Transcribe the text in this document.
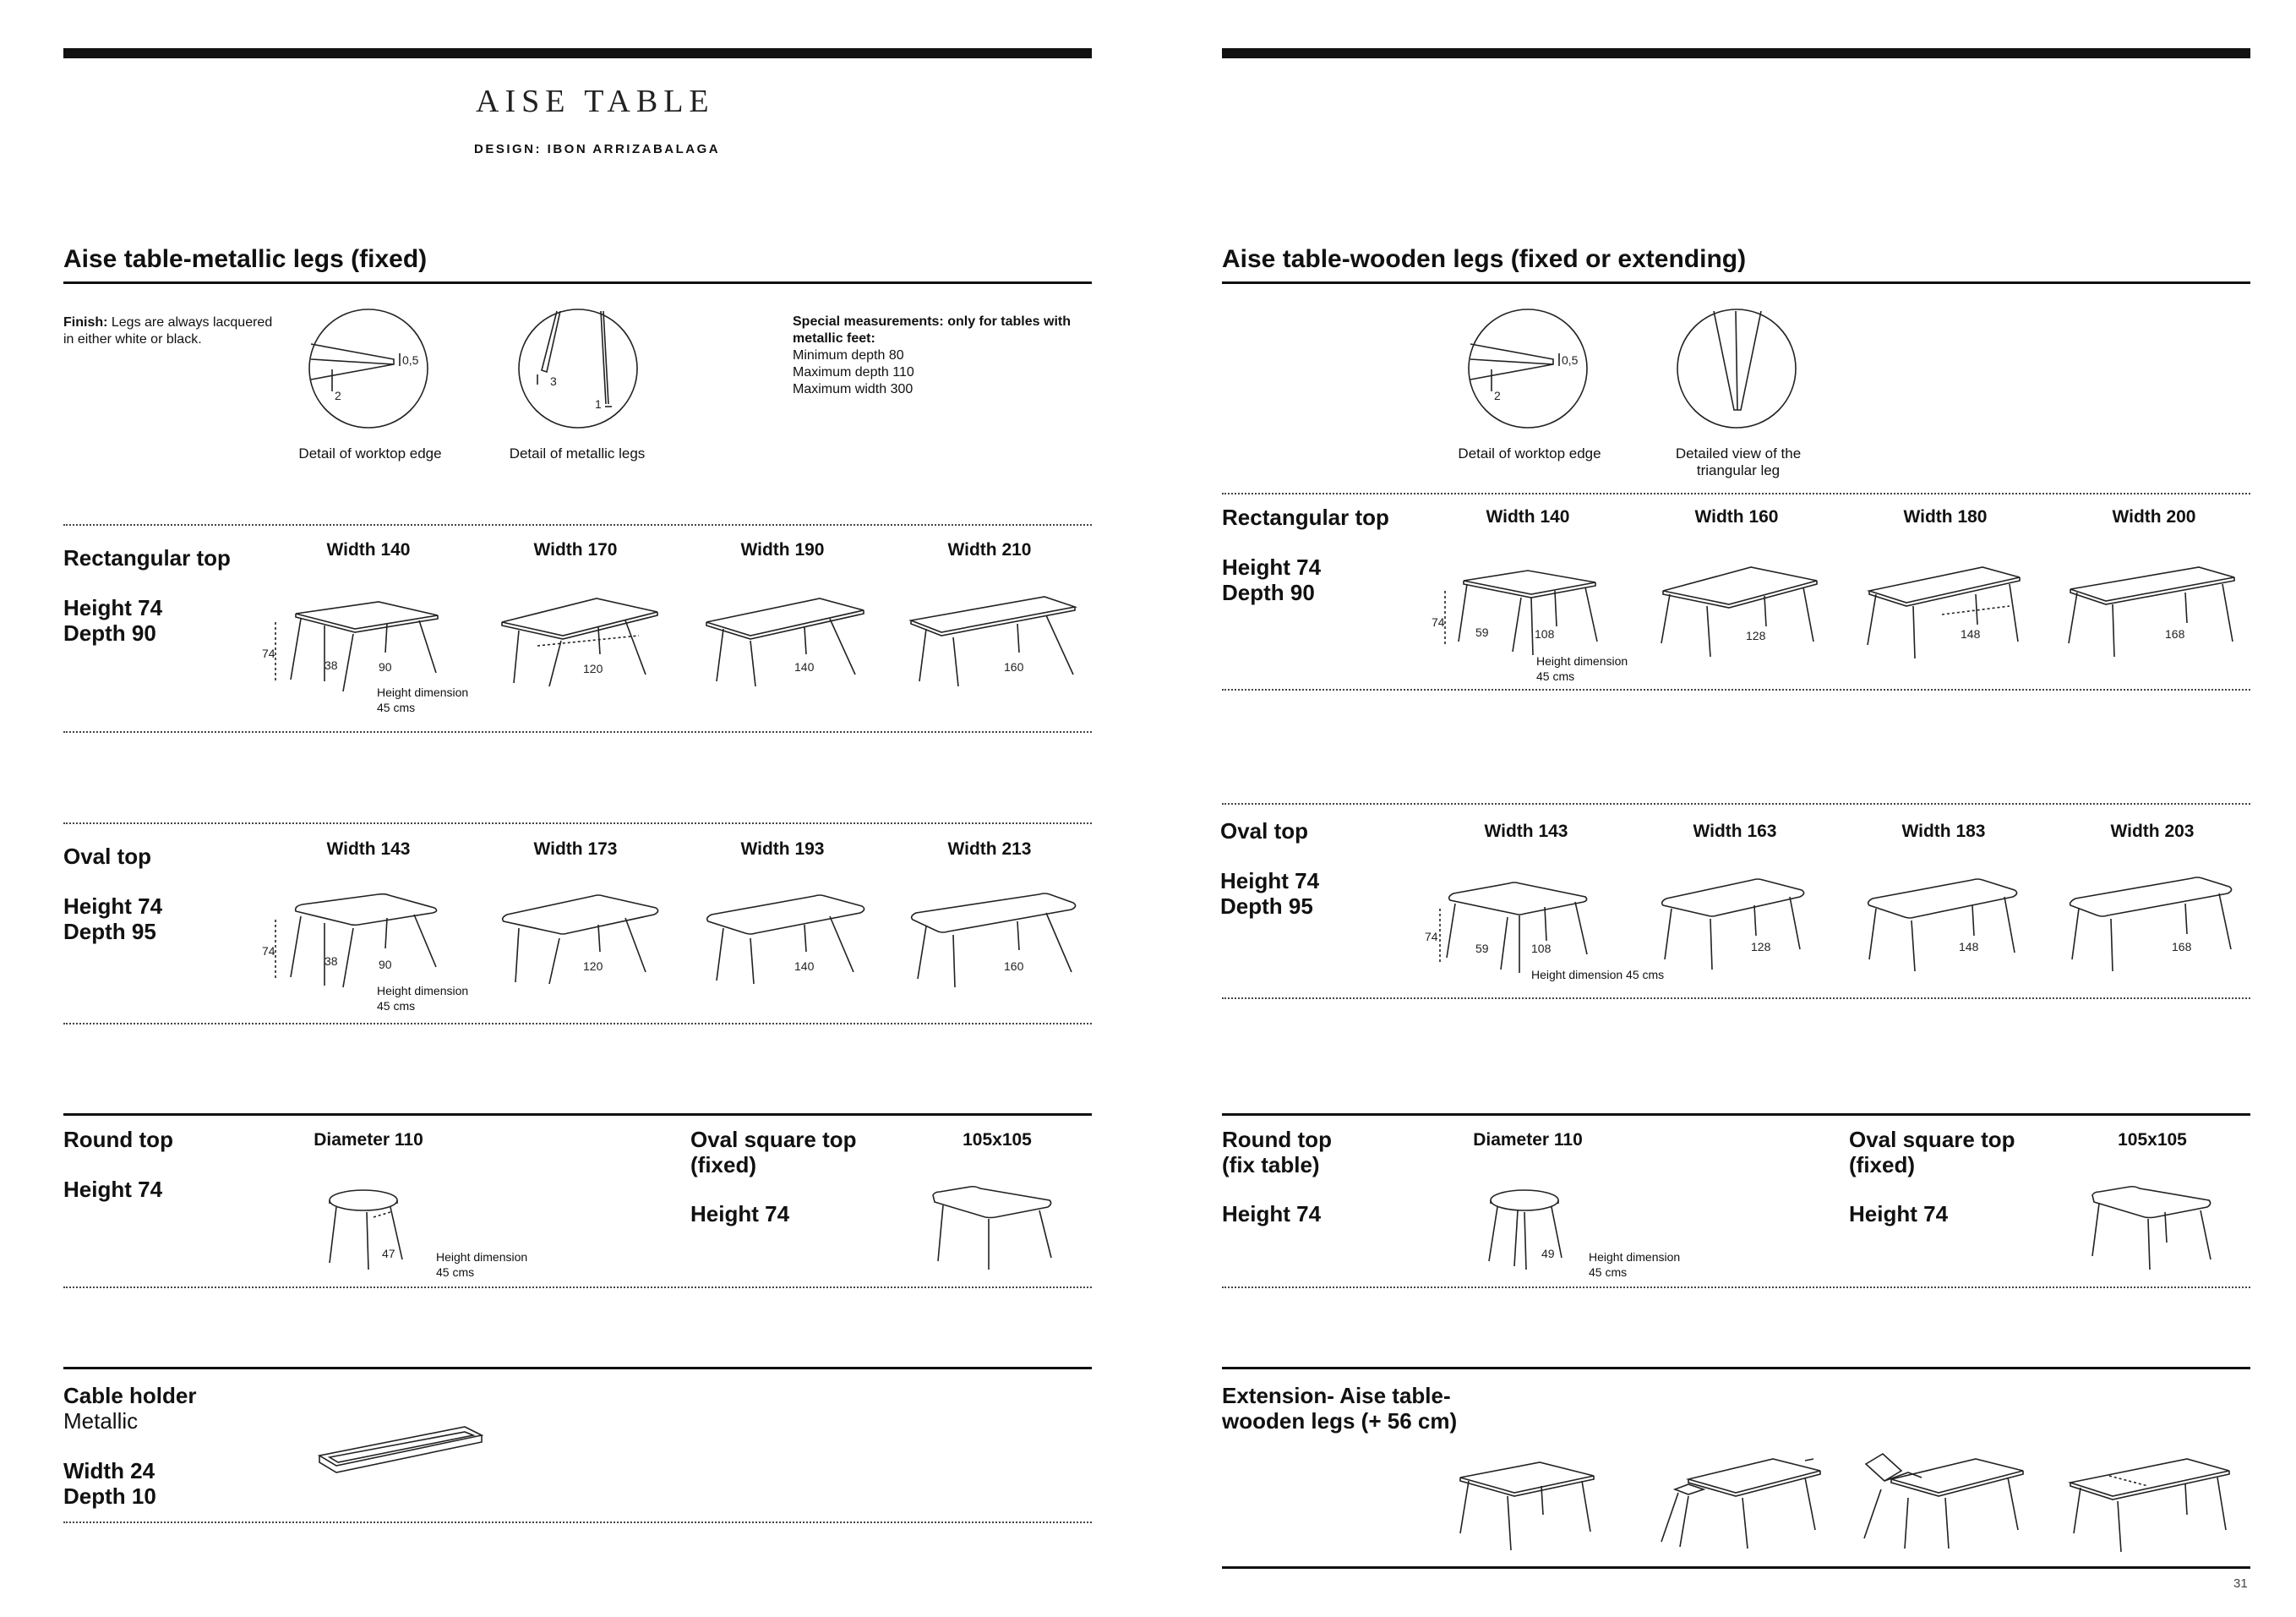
AISE TABLE
DESIGN: IBON ARRIZABALAGA
Aise table-metallic legs (fixed)
Finish: Legs are always lacquered
in either white or black.
0,5
2
Detail of worktop edge
3
1
Detail of metallic legs
Special measurements: only for tables with
metallic feet:
Minimum depth 80
Maximum depth 110
Maximum width 300
Rectangular top
Height 74
Depth 90
Width 140	Width 170	Width 190	Width 210
74
38	90
Height dimension
45 cms
120	140	160
Oval top
Height 74
Depth 95
Width 143	Width 173	Width 193	Width 213
74
38	90
Height dimension
45 cms
120	140	160
Round top
Height 74
Diameter 110
47	Height dimension
45 cms
Oval square top
(fixed)
Height 74
105x105
Cable holder
Metallic
Width 24
Depth 10
Aise table-wooden legs (fixed or extending)
0,5
2
Detail of worktop edge	Detailed view of the
triangular leg
Rectangular top
Height 74
Depth 90
Width 140	Width 160	Width 180	Width 200
74
59	108
Height dimension
45 cms
128	148	168
Oval top
Height 74
Depth 95
Width 143	Width 163	Width 183	Width 203
74
59	108
Height dimension 45 cms
128	148	168
Round top
(fix table)
Height 74
Diameter 110
49	Height dimension
45 cms
Oval square top
(fixed)
Height 74
105x105
Extension- Aise table-
wooden legs (+ 56 cm)
31
